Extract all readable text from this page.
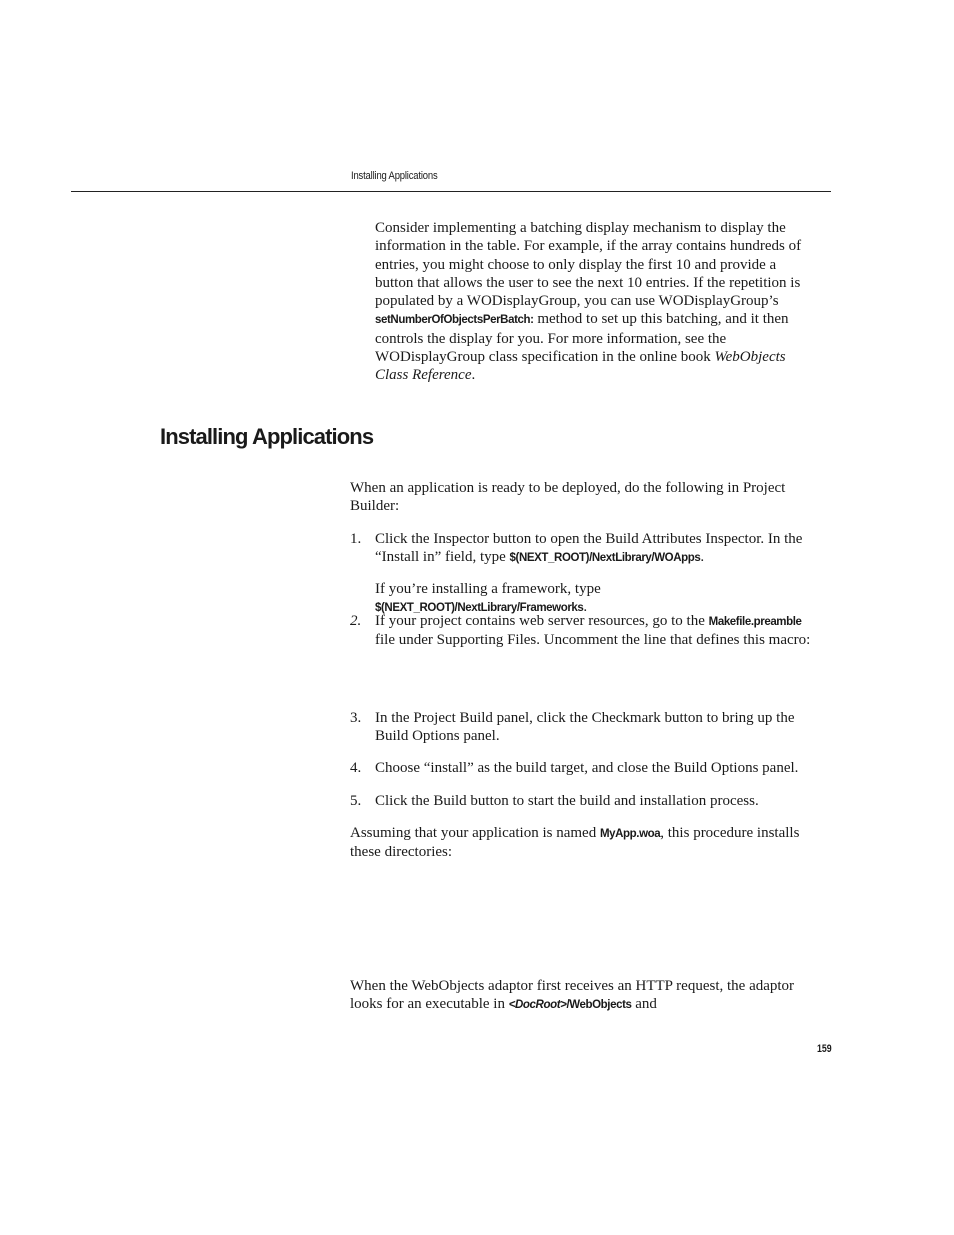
Installing Applications

Consider implementing a batching display mechanism to display the information in the table. For example, if the array contains hundreds of entries, you might choose to only display the first 10 and provide a button that allows the user to see the next 10 entries. If the repetition is populated by a WODisplayGroup, you can use WODisplayGroup’s
setNumberOfObjectsPerBatch: method to set up this batching, and it then controls the display for you. For more information, see the WODisplayGroup class specification in the online book WebObjects Class Reference.

Installing Applications

When an application is ready to be deployed, do the following in Project Builder:

1. Click the Inspector button to open the Build Attributes Inspector. In the “Install in” field, type $(NEXT_ROOT)/NextLibrary/WOApps.

If you’re installing a framework, type $(NEXT_ROOT)/NextLibrary/Frameworks.

2. If your project contains web server resources, go to the Makefile.preamble file under Supporting Files. Uncomment the line that defines this macro:
3. In the Project Build panel, click the Checkmark button to bring up the Build Options panel.
4. Choose “install” as the build target, and close the Build Options panel.
5. Click the Build button to start the build and installation process.

Assuming that your application is named MyApp.woa, this procedure installs these directories:

When the WebObjects adaptor first receives an HTTP request, the adaptor looks for an executable in <DocRoot>/WebObjects and

159
